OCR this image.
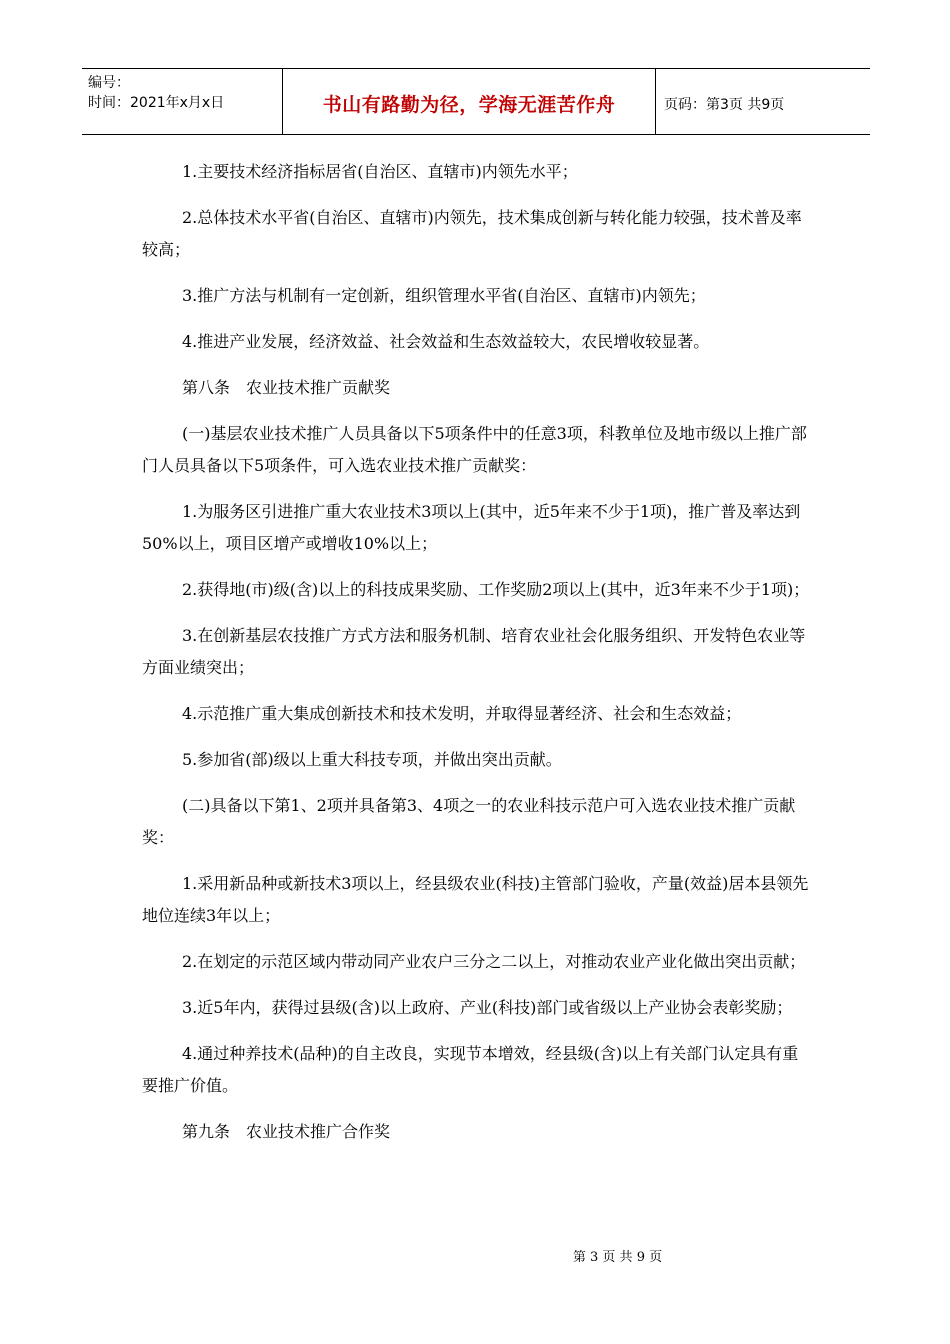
编号：
时间：2021年x月x日	书山有路勤为径，学海无涯苦作舟	页码：第3页 共9页

1.主要技术经济指标居省(自治区、直辖市)内领先水平；

2.总体技术水平省(自治区、直辖市)内领先，技术集成创新与转化能力较强，技术普及率较高；

3.推广方法与机制有一定创新，组织管理水平省(自治区、直辖市)内领先；

4.推进产业发展，经济效益、社会效益和生态效益较大，农民增收较显著。

第八条　农业技术推广贡献奖

(一)基层农业技术推广人员具备以下5项条件中的任意3项，科教单位及地市级以上推广部门人员具备以下5项条件，可入选农业技术推广贡献奖：

1.为服务区引进推广重大农业技术3项以上(其中，近5年来不少于1项)，推广普及率达到50%以上，项目区增产或增收10%以上；

2.获得地(市)级(含)以上的科技成果奖励、工作奖励2项以上(其中，近3年来不少于1项)；

3.在创新基层农技推广方式方法和服务机制、培育农业社会化服务组织、开发特色农业等方面业绩突出；

4.示范推广重大集成创新技术和技术发明，并取得显著经济、社会和生态效益；

5.参加省(部)级以上重大科技专项，并做出突出贡献。

(二)具备以下第1、2项并具备第3、4项之一的农业科技示范户可入选农业技术推广贡献奖：

1.采用新品种或新技术3项以上，经县级农业(科技)主管部门验收，产量(效益)居本县领先地位连续3年以上；

2.在划定的示范区域内带动同产业农户三分之二以上，对推动农业产业化做出突出贡献；

3.近5年内，获得过县级(含)以上政府、产业(科技)部门或省级以上产业协会表彰奖励；

4.通过种养技术(品种)的自主改良，实现节本增效，经县级(含)以上有关部门认定具有重要推广价值。

第九条　农业技术推广合作奖

第 3 页 共 9 页
